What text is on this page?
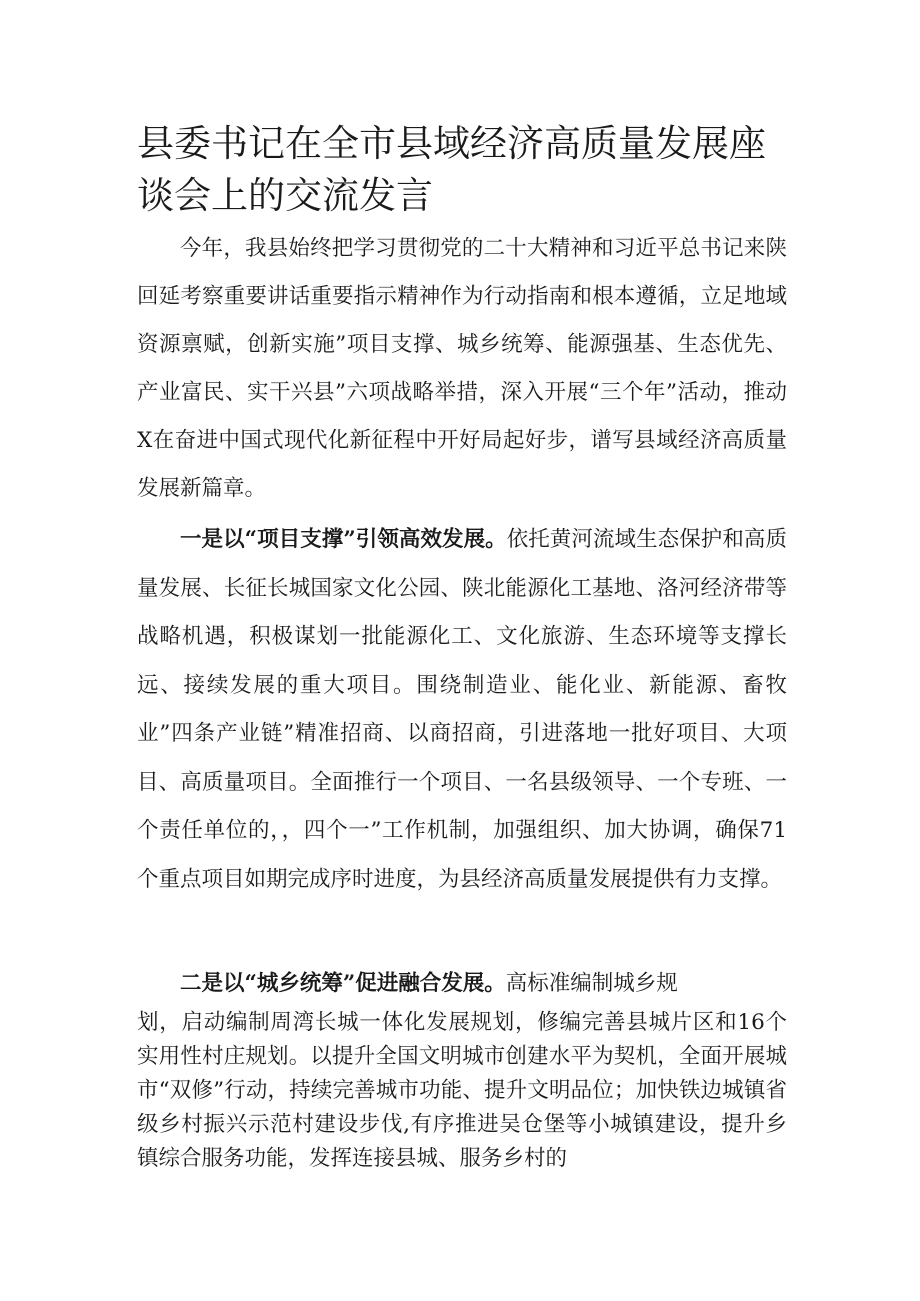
县委书记在全市县域经济高质量发展座谈会上的交流发言

今年，我县始终把学习贯彻党的二十大精神和习近平总书记来陕回延考察重要讲话重要指示精神作为行动指南和根本遵循，立足地域资源禀赋，创新实施”项目支撑、城乡统筹、能源强基、生态优先、产业富民、实干兴县”六项战略举措，深入开展“三个年”活动，推动X在奋进中国式现代化新征程中开好局起好步，谱写县域经济高质量发展新篇章。

一是以“项目支撑”引领高效发展。依托黄河流域生态保护和高质量发展、长征长城国家文化公园、陕北能源化工基地、洛河经济带等战略机遇，积极谋划一批能源化工、文化旅游、生态环境等支撑长远、接续发展的重大项目。围绕制造业、能化业、新能源、畜牧业”四条产业链”精准招商、以商招商，引进落地一批好项目、大项目、高质量项目。全面推行一个项目、一名县级领导、一个专班、一个责任单位的，，四个一”工作机制，加强组织、加大协调，确保71个重点项目如期完成序时进度，为县经济高质量发展提供有力支撑。

二是以“城乡统筹”促进融合发展。高标准编制城乡规

划，启动编制周湾长城一体化发展规划，修编完善县城片区和16个实用性村庄规划。以提升全国文明城市创建水平为契机，全面开展城市“双修”行动，持续完善城市功能、提升文明品位；加快铁边城镇省级乡村振兴示范村建设步伐,有序推进吴仓堡等小城镇建设，提升乡镇综合服务功能，发挥连接县城、服务乡村的
